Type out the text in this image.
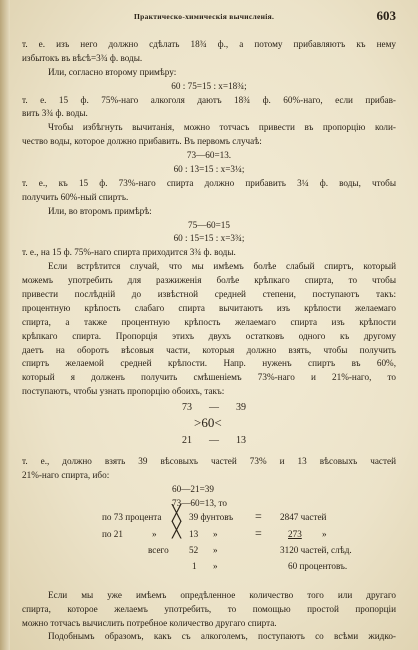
Практическо-химическія вычисленія.	603
т. е. изъ него должно сдѣлать 18¾ ф., а потому прибавляютъ къ нему
избытокъ въ вѣсѣ=3¾ ф. воды.
Или, согласно второму примѣру:
60 : 75=15 : x=18¾;
т. е. 15 ф. 75%-наго алкоголя даютъ 18¾ ф. 60%-наго, если прибав-
вить 3¾ ф. воды.
Чтобы избѣгнуть вычитанія, можно тотчасъ привести въ пропорцію коли-
чество воды, которое должно прибавить. Въ первомъ случаѣ:
73—60=13.
60 : 13=15 : x=3¼;
т. е., къ 15 ф. 73%-наго спирта должно прибавить 3¼ ф. воды, чтобы
получить 60%-ный спиртъ.
Или, во второмъ примѣрѣ:
75—60=15
60 : 15=15 : x=3¾;
т. е., на 15 ф. 75%-наго спирта приходится 3¾ ф. воды.
Если встрѣтится случай, что мы имѣемъ болѣе слабый спиртъ, который
можемъ употребить для разжиженія болѣе крѣпкаго спирта, то чтобы
привести послѣдній до извѣстной средней степени, поступаютъ такъ:
процентную крѣпость слабаго спирта вычитаютъ изъ крѣпости желаемаго
спирта, а также процентную крѣпость желаемаго спирта изъ крѣпости
крѣпкаго спирта. Пропорція этихъ двухъ остатковъ одного къ другому
даетъ на оборотъ вѣсовыя части, которыя должно взять, чтобы получить
спиртъ желаемой средней крѣпости. Напр. нуженъ спиртъ въ 60%,
который я долженъ получить смѣшеніемъ 73%-наго и 21%-наго, то
поступаютъ, чтобы узнать пропорцію обоихъ, такъ:
73 — 39
>60<
21 — 13
т. е., должно взять 39 вѣсовыхъ частей 73% и 13 вѣсовыхъ частей
21%-наго спирта, ибо:
60—21=39
73—60=13, то
по 73 процента ╳ 39 фунтовъ = 2847 частей
по 21	» ╳ 13 »	=	273 »
всего 52 »	3120 частей, слѣд.
1 »	60 процентовъ.
Если мы уже имѣемъ опредѣленное количество того или другаго
спирта, которое желаемъ употребить, то помощью простой пропорціи
можно тотчасъ вычислить потребное количество другаго спирта.
Подобнымъ образомъ, какъ съ алкоголемъ, поступаютъ со всѣми жидко-
